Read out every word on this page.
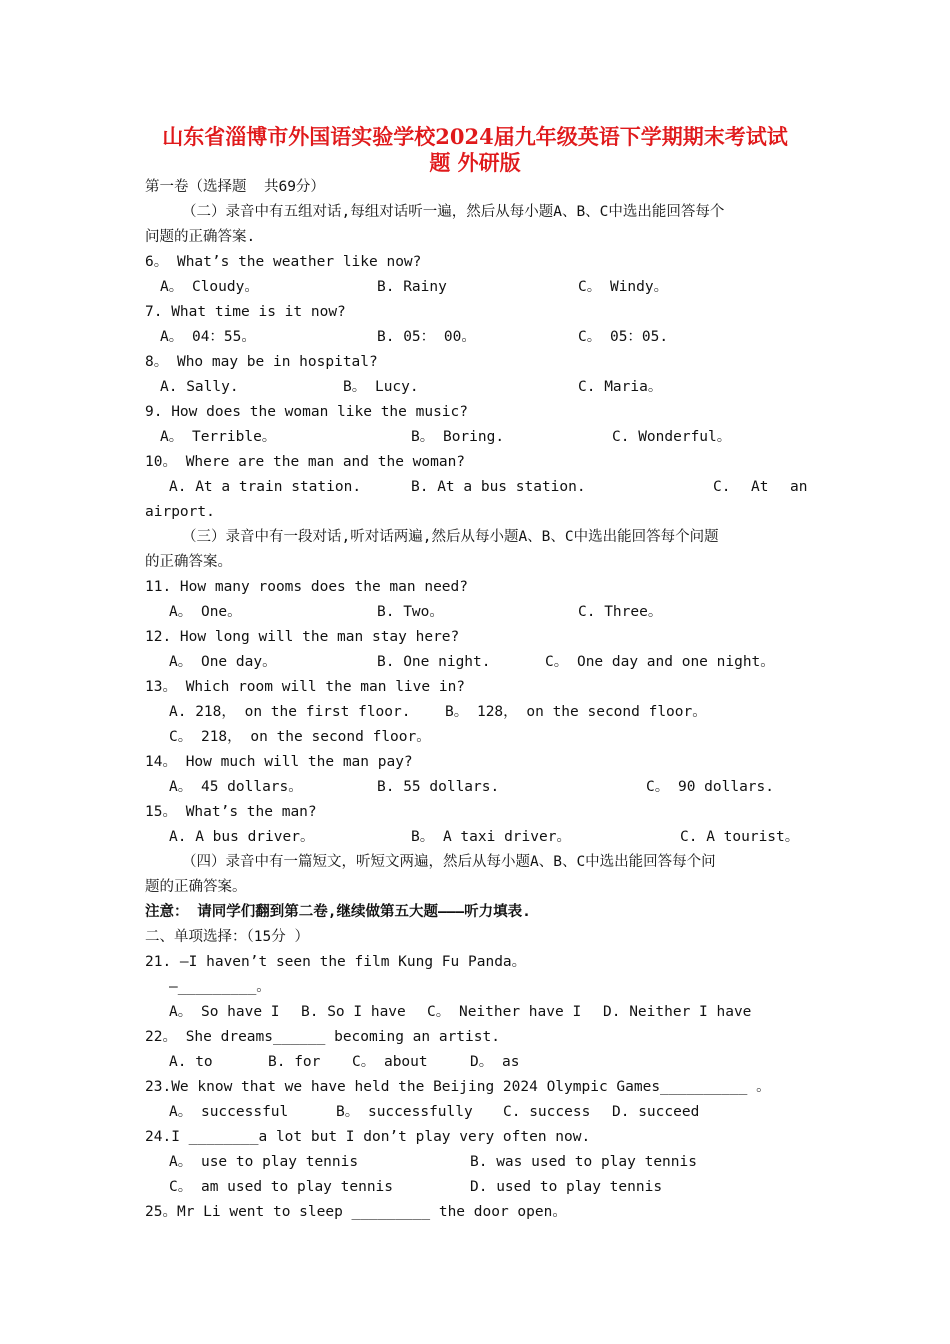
山东省淄博市外国语实验学校2024届九年级英语下学期期末考试试
题 外研版
第一卷（选择题  共69分）
（二）录音中有五组对话,每组对话听一遍，然后从每小题A、B、C中选出能回答每个
问题的正确答案.
6。 What’s the weather like now?
A。 Cloudy。	B. Rainy	C。 Windy。
7. What time is it now?
A。 04：55。	B. 05： 00。	C。 05：05.
8。 Who may be in hospital?
A. Sally.	B。 Lucy.	C. Maria。
9. How does the woman like the music?
A。 Terrible。	B。 Boring.	C. Wonderful。
10。 Where are the man and the woman?
A. At a train station.	B. At a bus station.	C. At an
airport.
（三）录音中有一段对话,听对话两遍,然后从每小题A、B、C中选出能回答每个问题
的正确答案。
11. How many rooms does the man need?
A。 One。	B. Two。	C. Three。
12. How long will the man stay here?
A。 One day。	B. One night.	C。 One day and one night。
13。 Which room will the man live in?
A. 218， on the first floor. B。 128， on the second floor。
C。 218， on the second floor。
14。 How much will the man pay?
A。 45 dollars。	B. 55 dollars.	C。 90 dollars.
15。 What’s the man?
A. A bus driver。	B。 A taxi driver。	C. A tourist。
（四）录音中有一篇短文，听短文两遍，然后从每小题A、B、C中选出能回答每个问
题的正确答案。
注意： 请同学们翻到第二卷,继续做第五大题———听力填表.
二、单项选择：（15分 ）
21. —I haven’t seen the film Kung Fu Panda。
—_________。
A。 So have I B. So I have C。 Neither have I D. Neither I have
22。 She dreams______ becoming an artist.
A. to	B. for C。 about	D。 as
23.We know that we have held the Beijing 2024 Olympic Games__________ 。
A。 successful	B。 successfully C. success D. succeed
24.I ________a lot but I don’t play very often now.
A。 use to play tennis	B. was used to play tennis
C。 am used to play tennis	D. used to play tennis
25。Mr Li went to sleep _________ the door open。
